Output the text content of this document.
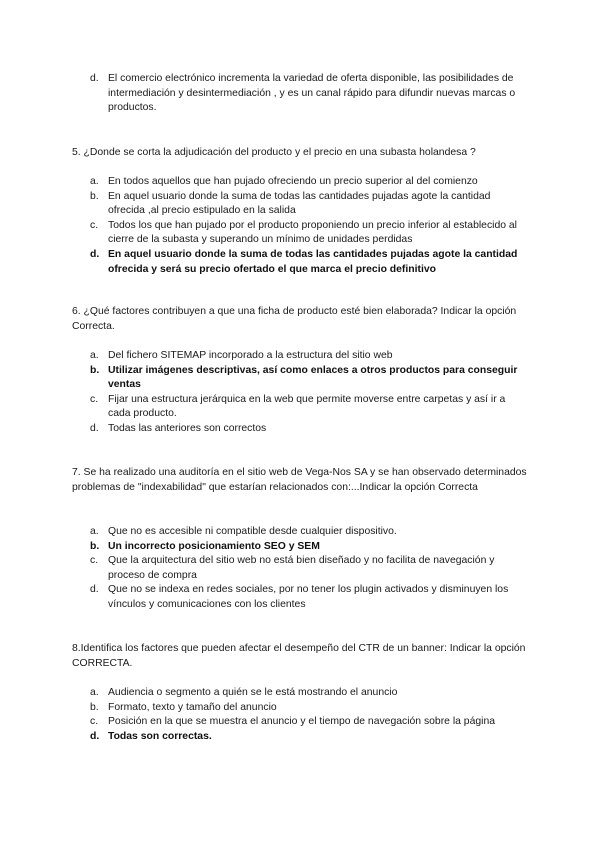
d. El comercio electrónico incrementa la variedad de oferta disponible, las posibilidades de intermediación y desintermediación , y es un canal rápido para difundir nuevas marcas o productos.

5. ¿Donde se corta la adjudicación del producto y el precio en una subasta holandesa ?

a. En todos aquellos que han pujado ofreciendo un precio superior al del comienzo
b. En aquel usuario donde la suma de todas las cantidades pujadas agote la cantidad ofrecida ,al precio estipulado en la salida
c. Todos los que han pujado por el producto proponiendo un precio inferior al establecido al cierre de la subasta y superando un mínimo de unidades perdidas
d. En aquel usuario donde la suma de todas las cantidades pujadas agote la cantidad ofrecida y será su precio ofertado el que marca el precio definitivo

6. ¿Qué factores contribuyen a que una ficha de producto esté bien elaborada? Indicar la opción Correcta.

a. Del fichero SITEMAP incorporado a la estructura del sitio web
b. Utilizar imágenes descriptivas, así como enlaces a otros productos para conseguir ventas
c. Fijar una estructura jerárquica en la web que permite moverse entre carpetas y así ir a cada producto.
d. Todas las anteriores son correctos

7. Se ha realizado una auditoría en el sitio web de Vega-Nos SA y se han observado determinados problemas de "indexabilidad" que estarían relacionados con:...Indicar la opción Correcta

a. Que no es accesible ni compatible desde cualquier dispositivo.
b. Un incorrecto posicionamiento SEO y SEM
c. Que la arquitectura del sitio web no está bien diseñado y no facilita de navegación y proceso de compra
d. Que no se indexa en redes sociales, por no tener los plugin activados y disminuyen los vínculos y comunicaciones con los clientes

8.Identifica los factores que pueden afectar el desempeño del CTR de un banner: Indicar la opción CORRECTA.

a. Audiencia o segmento a quién se le está mostrando el anuncio
b. Formato, texto y tamaño del anuncio
c. Posición en la que se muestra el anuncio y el tiempo de navegación sobre la página
d. Todas son correctas.
